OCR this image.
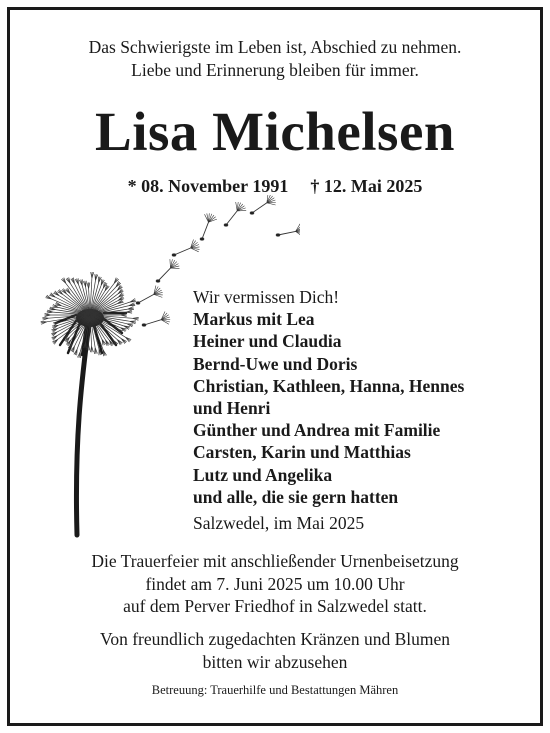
Das Schwierigste im Leben ist, Abschied zu nehmen.
Liebe und Erinnerung bleiben für immer.
Lisa Michelsen
* 08. November 1991 † 12. Mai 2025
Wir vermissen Dich!
Markus mit Lea
Heiner und Claudia
Bernd-Uwe und Doris
Christian, Kathleen, Hanna, Hennes
und Henri
Günther und Andrea mit Familie
Carsten, Karin und Matthias
Lutz und Angelika
und alle, die sie gern hatten
Salzwedel, im Mai 2025
Die Trauerfeier mit anschließender Urnenbeisetzung
findet am 7. Juni 2025 um 10.00 Uhr
auf dem Perver Friedhof in Salzwedel statt.
Von freundlich zugedachten Kränzen und Blumen
bitten wir abzusehen
Betreuung: Trauerhilfe und Bestattungen Mähren
